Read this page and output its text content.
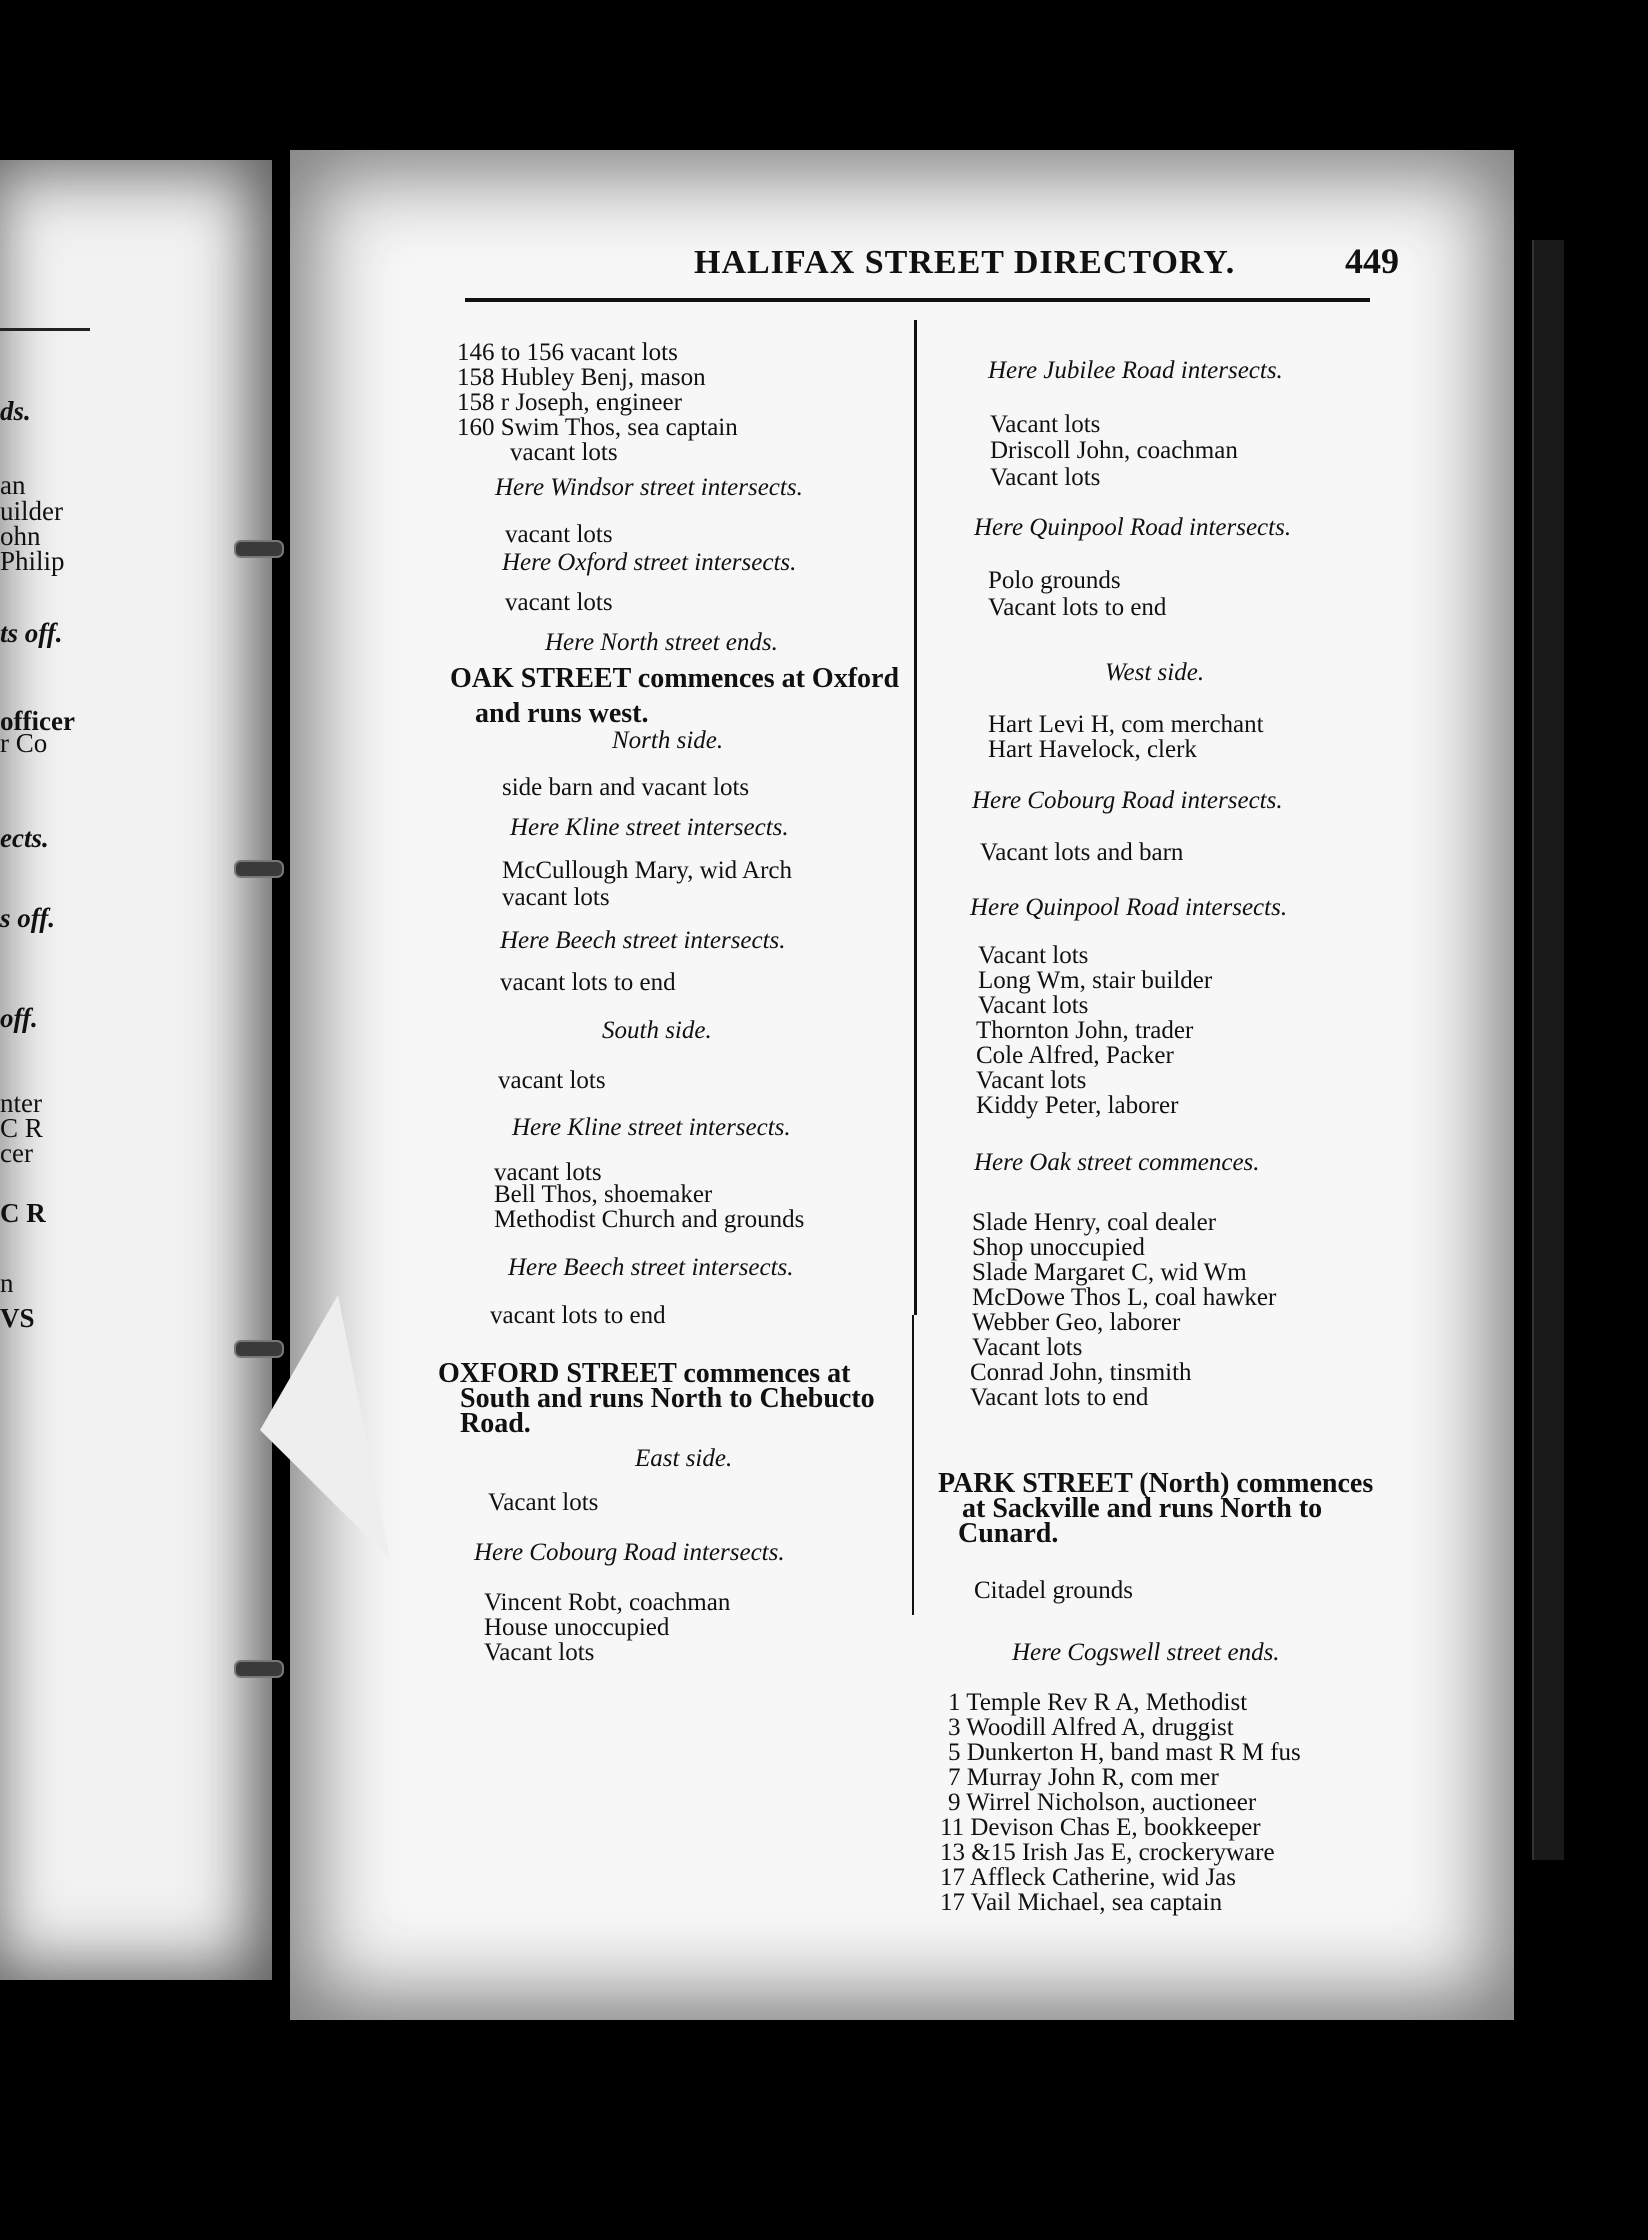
ds.
an
uilder
ohn
Philip
ts off.
officer
r Co
ects.
s off.
off.
nter
C R
cer
C R
n
VS
HALIFAX STREET DIRECTORY.	449
146 to 156 vacant lots
158 Hubley Benj, mason
158 r Joseph, engineer
160 Swim Thos, sea captain
vacant lots
Here Windsor street intersects.
vacant lots
Here Oxford street intersects.
vacant lots
Here North street ends.
OAK STREET commences at Oxford
and runs west.
North side.
side barn and vacant lots
Here Kline street intersects.
McCullough Mary, wid Arch
vacant lots
Here Beech street intersects.
vacant lots to end
South side.
vacant lots
Here Kline street intersects.
vacant lots
Bell Thos, shoemaker
Methodist Church and grounds
Here Beech street intersects.
vacant lots to end
OXFORD STREET commences at
South and runs North to Chebucto
Road.
East side.
Vacant lots
Here Cobourg Road intersects.
Vincent Robt, coachman
House unoccupied
Vacant lots
Here Jubilee Road intersects.
Vacant lots
Driscoll John, coachman
Vacant lots
Here Quinpool Road intersects.
Polo grounds
Vacant lots to end
West side.
Hart Levi H, com merchant
Hart Havelock, clerk
Here Cobourg Road intersects.
Vacant lots and barn
Here Quinpool Road intersects.
Vacant lots
Long Wm, stair builder
Vacant lots
Thornton John, trader
Cole Alfred, Packer
Vacant lots
Kiddy Peter, laborer
Here Oak street commences.
Slade Henry, coal dealer
Shop unoccupied
Slade Margaret C, wid Wm
McDowe Thos L, coal hawker
Webber Geo, laborer
Vacant lots
Conrad John, tinsmith
Vacant lots to end
PARK STREET (North) commences
at Sackville and runs North to
Cunard.
Citadel grounds
Here Cogswell street ends.
1 Temple Rev R A, Methodist
3 Woodill Alfred A, druggist
5 Dunkerton H, band mast R M fus
7 Murray John R, com mer
9 Wirrel Nicholson, auctioneer
11 Devison Chas E, bookkeeper
13 &15 Irish Jas E, crockeryware
17 Affleck Catherine, wid Jas
17 Vail Michael, sea captain
